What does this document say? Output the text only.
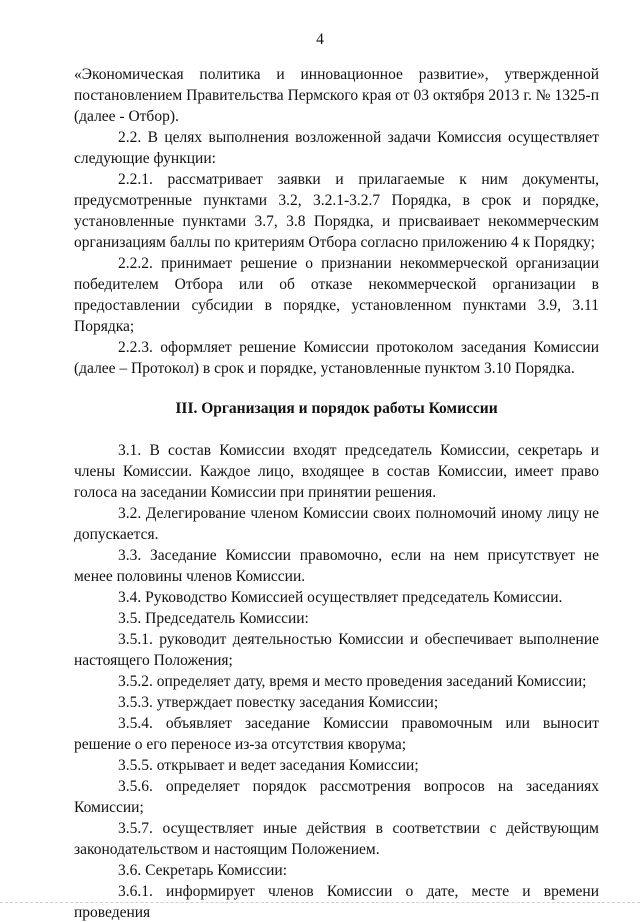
4

«Экономическая политика и инновационное развитие», утвержденной постановлением Правительства Пермского края от 03 октября 2013 г. № 1325-п (далее - Отбор).

2.2. В целях выполнения возложенной задачи Комиссия осуществляет следующие функции:

2.2.1. рассматривает заявки и прилагаемые к ним документы, предусмотренные пунктами 3.2, 3.2.1-3.2.7 Порядка, в срок и порядке, установленные пунктами 3.7, 3.8 Порядка, и присваивает некоммерческим организациям баллы по критериям Отбора согласно приложению 4 к Порядку;

2.2.2. принимает решение о признании некоммерческой организации победителем Отбора или об отказе некоммерческой организации в предоставлении субсидии в порядке, установленном пунктами 3.9, 3.11 Порядка;

2.2.3. оформляет решение Комиссии протоколом заседания Комиссии (далее – Протокол) в срок и порядке, установленные пунктом 3.10 Порядка.

III. Организация и порядок работы Комиссии

3.1. В состав Комиссии входят председатель Комиссии, секретарь и члены Комиссии. Каждое лицо, входящее в состав Комиссии, имеет право голоса на заседании Комиссии при принятии решения.

3.2. Делегирование членом Комиссии своих полномочий иному лицу не допускается.

3.3. Заседание Комиссии правомочно, если на нем присутствует не менее половины членов Комиссии.

3.4. Руководство Комиссией осуществляет председатель Комиссии.

3.5. Председатель Комиссии:

3.5.1. руководит деятельностью Комиссии и обеспечивает выполнение настоящего Положения;

3.5.2. определяет дату, время и место проведения заседаний Комиссии;

3.5.3. утверждает повестку заседания Комиссии;

3.5.4. объявляет заседание Комиссии правомочным или выносит решение о его переносе из-за отсутствия кворума;

3.5.5. открывает и ведет заседания Комиссии;

3.5.6. определяет порядок рассмотрения вопросов на заседаниях Комиссии;

3.5.7. осуществляет иные действия в соответствии с действующим законодательством и настоящим Положением.

3.6. Секретарь Комиссии:

3.6.1. информирует членов Комиссии о дате, месте и времени проведения
